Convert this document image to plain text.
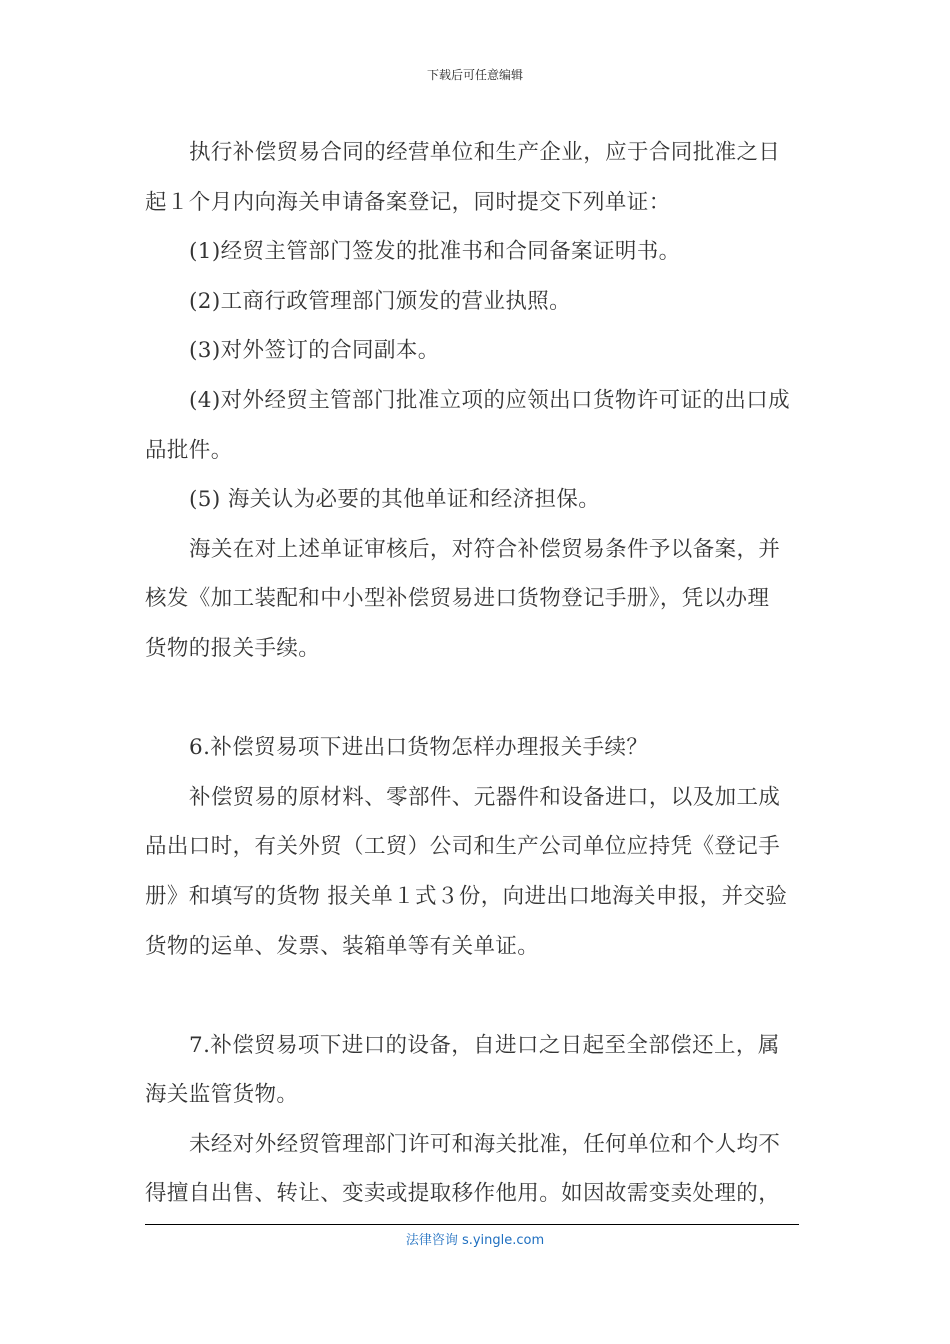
下载后可任意编辑

执行补偿贸易合同的经营单位和生产企业，应于合同批准之日

起１个月内向海关申请备案登记，同时提交下列单证：

(1)经贸主管部门签发的批准书和合同备案证明书。

(2)工商行政管理部门颁发的营业执照。

(3)对外签订的合同副本。

(4)对外经贸主管部门批准立项的应领出口货物许可证的出口成

品批件。

(5) 海关认为必要的其他单证和经济担保。

海关在对上述单证审核后，对符合补偿贸易条件予以备案，并

核发《加工装配和中小型补偿贸易进口货物登记手册》，凭以办理

货物的报关手续。

6.补偿贸易项下进出口货物怎样办理报关手续？

补偿贸易的原材料、零部件、元器件和设备进口，以及加工成

品出口时，有关外贸（工贸）公司和生产公司单位应持凭《登记手

册》和填写的货物 报关单１式３份，向进出口地海关申报，并交验

货物的运单、发票、装箱单等有关单证。

7.补偿贸易项下进口的设备，自进口之日起至全部偿还上，属

海关监管货物。

未经对外经贸管理部门许可和海关批准，任何单位和个人均不

得擅自出售、转让、变卖或提取移作他用。如因故需变卖处理的，

法律咨询 s.yingle.com
